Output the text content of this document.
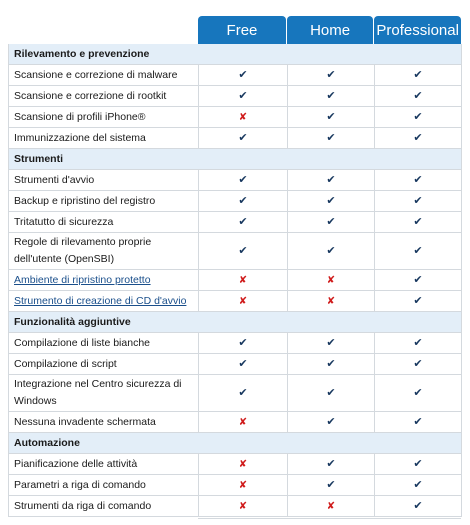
Free	Home	Professional
Rilevamento e prevenzione			
Scansione e correzione di malware	✔	✔	✔
Scansione e correzione di rootkit	✔	✔	✔
Scansione di profili iPhone®	✘	✔	✔
Immunizzazione del sistema	✔	✔	✔
Strumenti			
Strumenti d'avvio	✔	✔	✔
Backup e ripristino del registro	✔	✔	✔
Tritatutto di sicurezza	✔	✔	✔
Regole di rilevamento proprie dell'utente (OpenSBI)	✔	✔	✔
Ambiente di ripristino protetto	✘	✘	✔
Strumento di creazione di CD d'avvio	✘	✘	✔
Funzionalità aggiuntive			
Compilazione di liste bianche	✔	✔	✔
Compilazione di script	✔	✔	✔
Integrazione nel Centro sicurezza di Windows	✔	✔	✔
Nessuna invadente schermata	✘	✔	✔
Automazione			
Pianificazione delle attività	✘	✔	✔
Parametri a riga di comando	✘	✔	✔
Strumenti da riga di comando	✘	✘	✔
